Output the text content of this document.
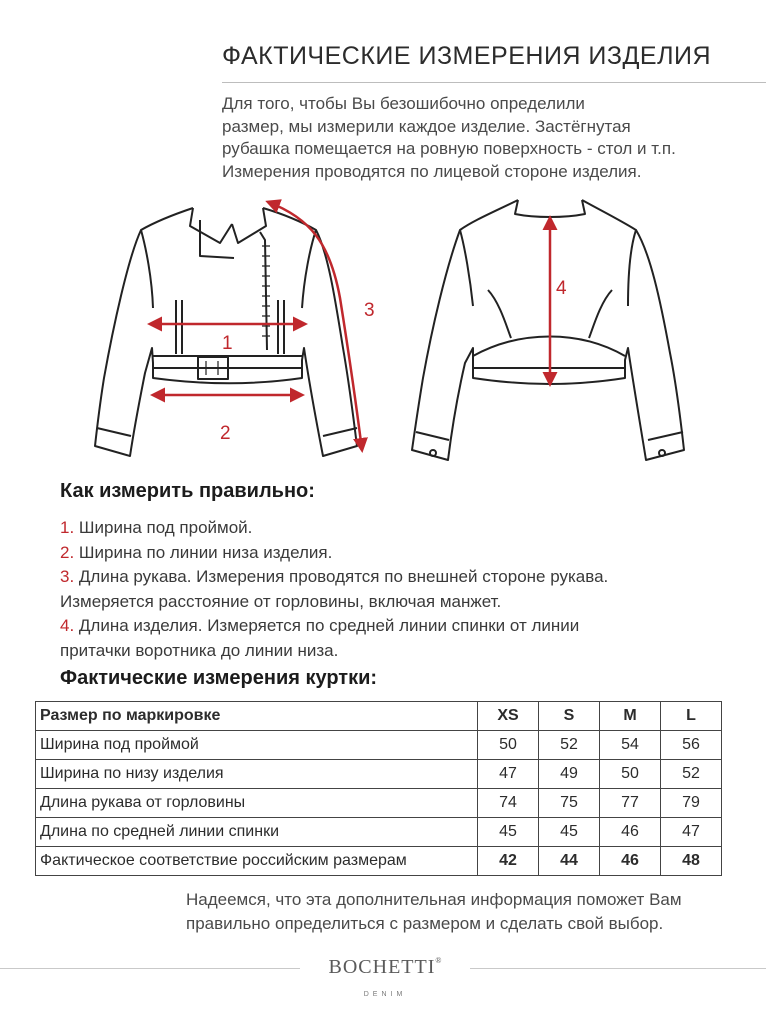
ФАКТИЧЕСКИЕ ИЗМЕРЕНИЯ ИЗДЕЛИЯ
Для того, чтобы Вы безошибочно определили
размер, мы измерили каждое изделие. Застёгнутая
рубашка помещается на ровную поверхность - стол и т.п.
Измерения проводятся по лицевой стороне изделия.
1
2
3
4
Как измерить правильно:
1. Ширина под проймой.
2. Ширина по линии низа изделия.
3. Длина рукава. Измерения проводятся по внешней стороне рукава.
Измеряется расстояние от горловины, включая манжет.
4. Длина изделия. Измеряется по средней линии спинки от линии
притачки воротника до линии низа.
Фактические измерения куртки:
Размер по маркировке	XS	S	M	L
Ширина под проймой	50	52	54	56
Ширина по низу изделия	47	49	50	52
Длина рукава от горловины	74	75	77	79
Длина по средней линии спинки	45	45	46	47
Фактическое соответствие российским размерам	42	44	46	48
Надеемся, что эта дополнительная информация поможет Вам
правильно определиться с размером и сделать свой выбор.
BOCHETTI®
DENIM
